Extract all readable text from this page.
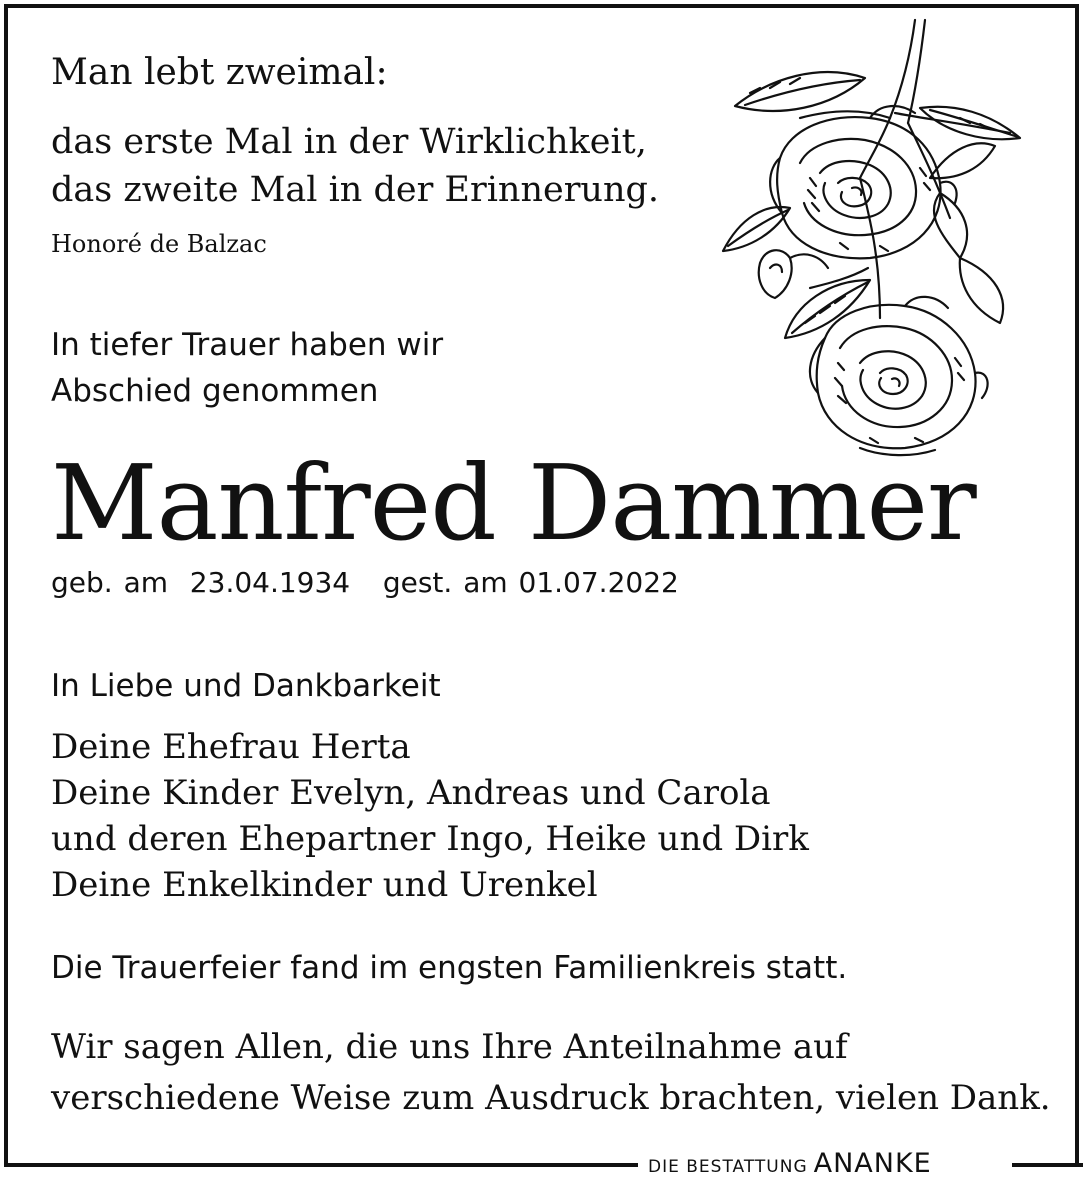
Man lebt zweimal:
das erste Mal in der Wirklichkeit,
das zweite Mal in der Erinnerung.
Honoré de Balzac
In tiefer Trauer haben wir
Abschied genommen
Manfred Dammer
geb. am  23.04.1934   gest. am 01.07.2022
In Liebe und Dankbarkeit
Deine Ehefrau Herta
Deine Kinder Evelyn, Andreas und Carola
und deren Ehepartner Ingo, Heike und Dirk
Deine Enkelkinder und Urenkel
Die Trauerfeier fand im engsten Familienkreis statt.
Wir sagen Allen, die uns Ihre Anteilnahme auf
verschiedene Weise zum Ausdruck brachten, vielen Dank.
DIE BESTATTUNG ANANKE
